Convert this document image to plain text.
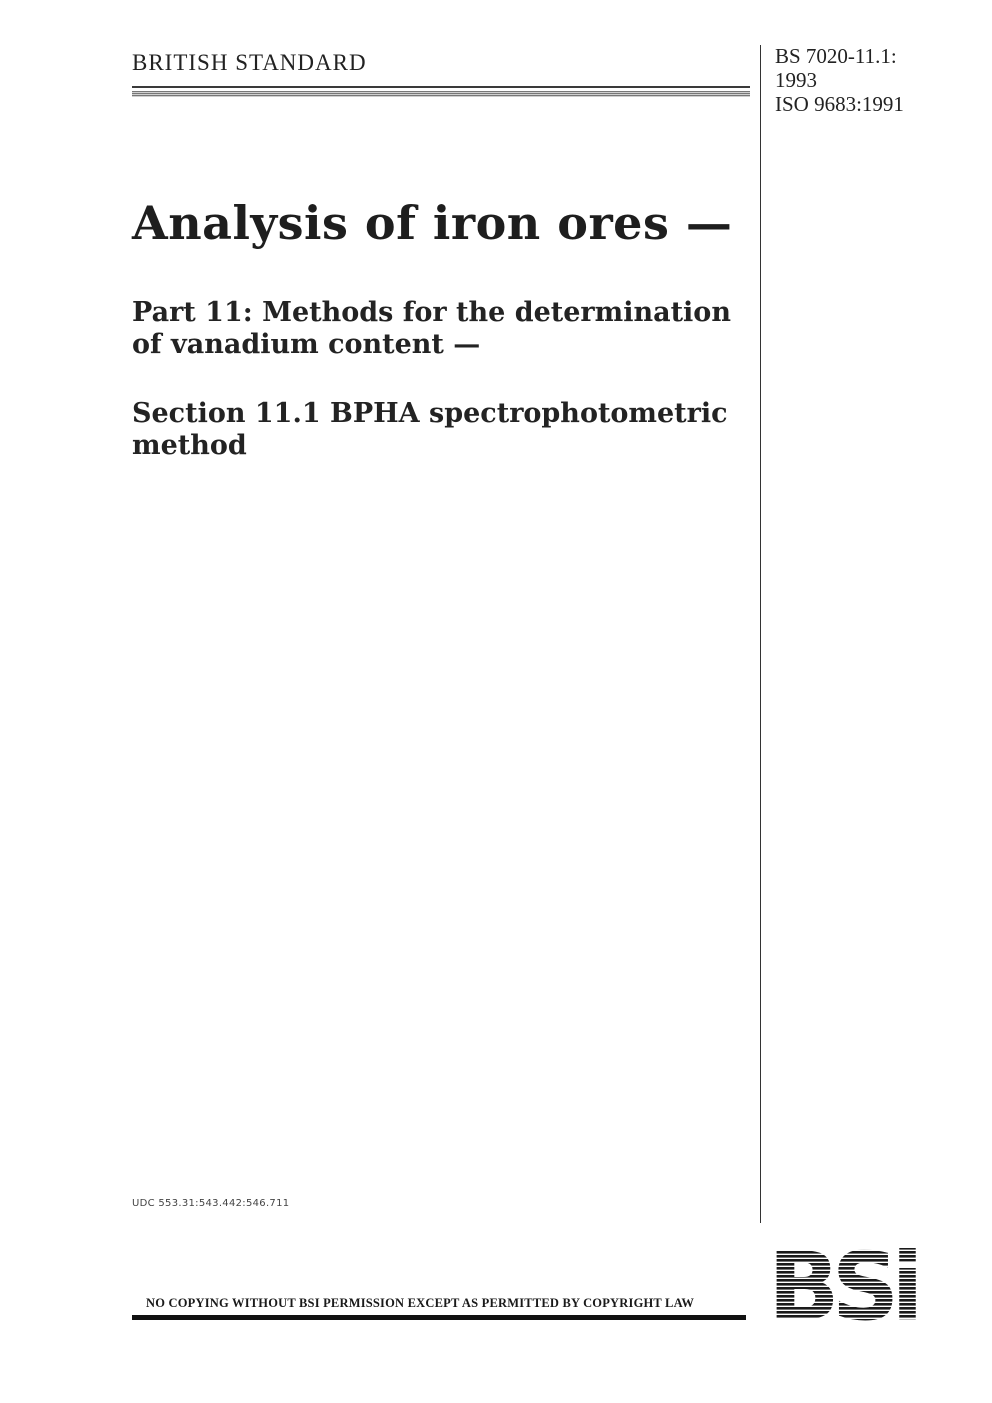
BRITISH STANDARD	BS 7020-11.1:
1993
ISO 9683:1991
Analysis of iron ores —
Part 11: Methods for the determination
of vanadium content —
Section 11.1 BPHA spectrophotometric
method
UDC 553.31:543.442:546.711
NO COPYING WITHOUT BSI PERMISSION EXCEPT AS PERMITTED BY COPYRIGHT LAW
